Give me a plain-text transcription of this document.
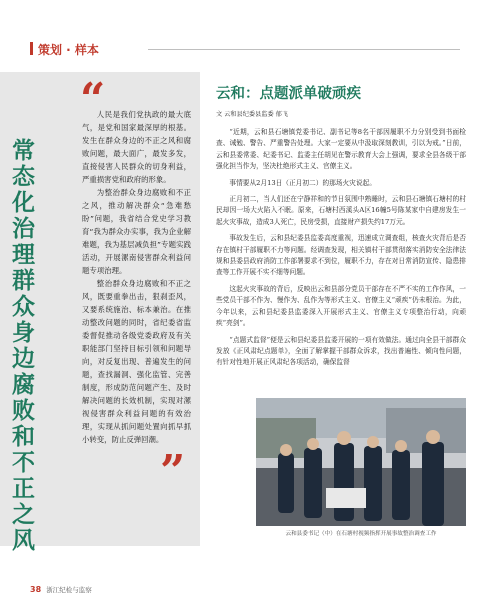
策划 · 样本
常态化治理群众身边腐败和不正之风
“

人民是我们党执政的最大底气，是党和国家最深厚的根基。发生在群众身边的不正之风和腐败问题，最大面广，最发多发，直接侵害人民群众的切身利益，严重损害党和政府的形象。

为整治群众身边腐败和不正之风，推动解决群众“急难愁盼”问题，我省结合党史学习教育“我为群众办实事，我为企业解难题，我为基层减负担”专题实践活动，开展漯南侵害群众利益问题专项治理。

整治群众身边腐败和不正之风，既要重拳出击，狠刹歪风，又要系统施治、标本兼治。在推动整改问题的同时，省纪委省监委督促推动各级党委政府及有关职能部门坚持目标引领和问题导向，对反复出现、普遍发生的问题，查找漏洞、强化监管、完善制度，形成防范问题产生、及时解决问题的长效机制，实现对漯视侵害群众利益问题的有效治理，实现从抓问题处置向抓早抓小转变，防止反弹回潮。

”
云和：点题派单破顽疾
文 云和县纪委县监委 郁飞

“近期，云和县石塘镇党委书记、副书记等8名干部因履职不力分别受到书面检查、诫勉、警告、严重警告处理。大家一定要从中汲取深刻教训，引以为戒。”日前，云和县委常委、纪委书记、监委主任胡见在警示教育大会上强调，要求全县各级干部强化担当作为，坚决杜绝形式主义、官僚主义。

事情要从2月13日（正月初二）的那场火灾说起。

正月初二，当人们还在宁静祥和的节日氛围中熟睡时，云和县石塘镇石塘村的村民却因一场大火陷入不眠。原来，石塘村西溪头A区16幢5号陈某家中自建房发生一起火灾事故，造成3人死亡，民房受损，直接财产损失约17万元。

事故发生后，云和县纪委县监委高度重视，迅速成立调查组，核查火灾背后是否存在镇村干部履职不力等问题。经调查发现，相关镇村干部贯彻落实消防安全法律法规和县委县政府消防工作部署要求不到位，履职不力，存在对日常消防宣传、隐患排查等工作开展不实不细等问题。

这起火灾事故的背后，反映出云和县部分党员干部存在不严不实的工作作风，一些党员干部不作为、慢作为、乱作为等形式主义、官僚主义“顽疾”仍未根治。为此，今年以来，云和县纪委县监委深入开展形式主义、官僚主义专项整治行动，向顽疾“亮剑”。

“点题式监督”便是云和县纪委县监委开展的一项有效做法。通过向全县干部群众发放《正风肃纪点题单》，全面了解掌握干部群众诉求，找出普遍性、倾向性问题，有针对性地开展正风肃纪各项活动，确保监督

云和县委书记（中）在石塘村视频指挥开展事故整治调查工作
38 浙江纪检与监察
